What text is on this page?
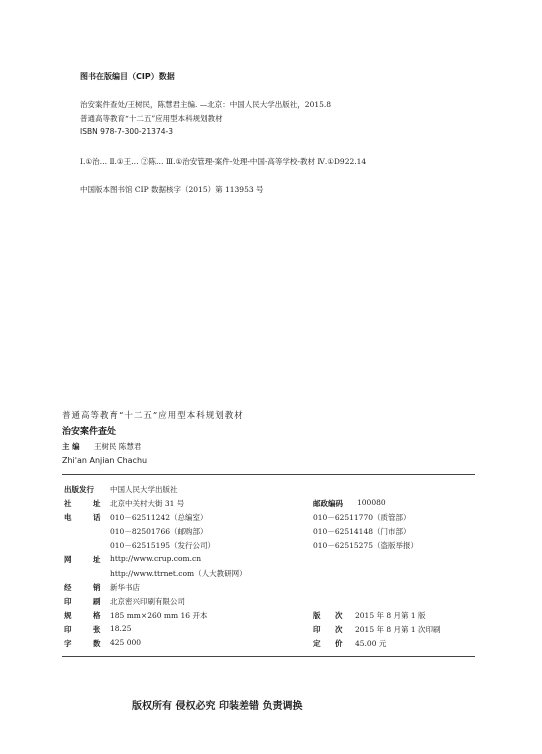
图书在版编目（CIP）数据
治安案件查处/王树民，陈慧君主编. —北京：中国人民大学出版社，2015.8
普通高等教育“十二五”应用型本科规划教材
ISBN 978-7-300-21374-3
Ⅰ.①治… Ⅱ.①王… ②陈… Ⅲ.①治安管理-案件-处理-中国-高等学校-教材 Ⅳ.①D922.14
中国版本图书馆 CIP 数据核字（2015）第 113953 号
普通高等教育“十二五”应用型本科规划教材
治安案件查处
主 编 王树民 陈慧君
Zhi'an Anjian Chachu
出版发行 中国人民大学出版社
社	址 北京中关村大街 31 号	邮政编码 100080
电	话 010－62511242（总编室）	010－62511770（质管部）
010－82501766（邮购部）	010－62514148（门市部）
010－62515195（发行公司）	010－62515275（盗版举报）
网	址 http://www.crup.com.cn
http://www.ttrnet.com（人大教研网）
经	销 新华书店
印	刷 北京密兴印刷有限公司
规	格 185 mm×260 mm 16 开本	版 次 2015 年 8 月第 1 版
印	张 18.25	印 次 2015 年 8 月第 1 次印刷
字	数 425 000	定 价 45.00 元
版权所有 侵权必究 印装差错 负责调换
